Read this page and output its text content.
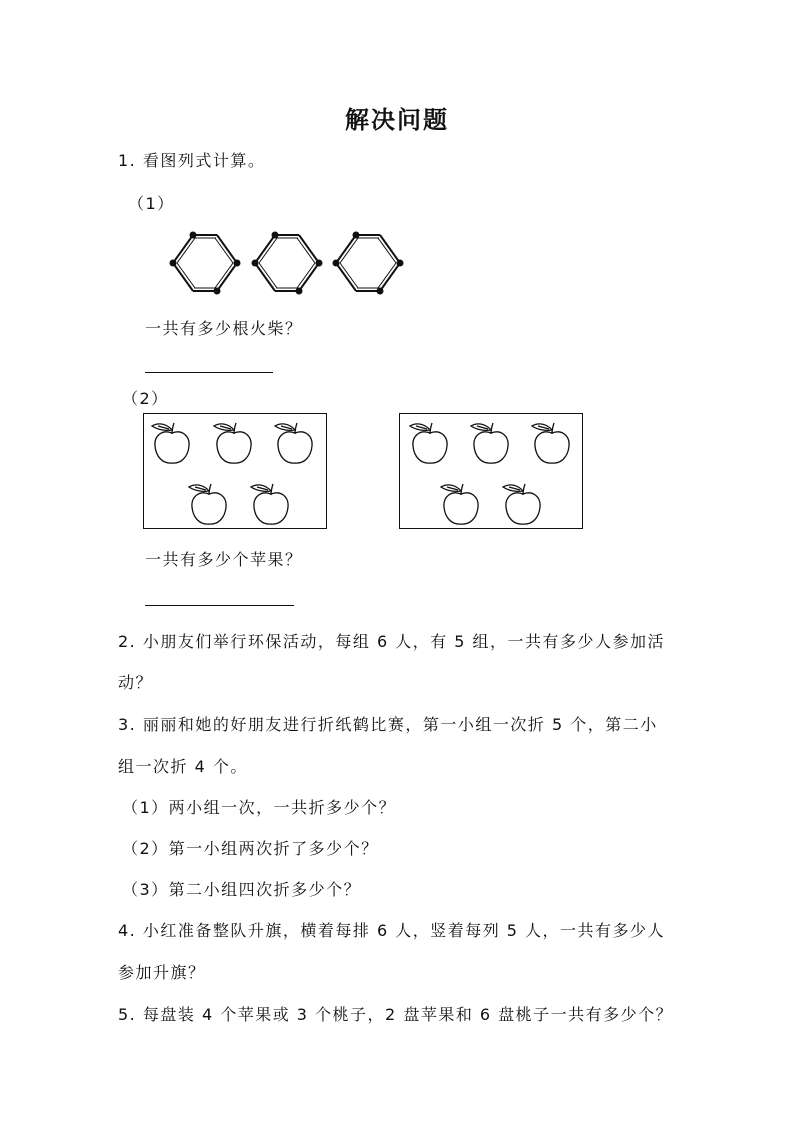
解决问题
1. 看图列式计算。
（1）
一共有多少根火柴？
（2）
一共有多少个苹果？
2. 小朋友们举行环保活动，每组 6 人，有 5 组，一共有多少人参加活
动？
3. 丽丽和她的好朋友进行折纸鹤比赛，第一小组一次折 5 个，第二小
组一次折 4 个。
（1）两小组一次，一共折多少个？
（2）第一小组两次折了多少个？
（3）第二小组四次折多少个？
4. 小红准备整队升旗，横着每排 6 人，竖着每列 5 人，一共有多少人
参加升旗？
5. 每盘装 4 个苹果或 3 个桃子，2 盘苹果和 6 盘桃子一共有多少个？
